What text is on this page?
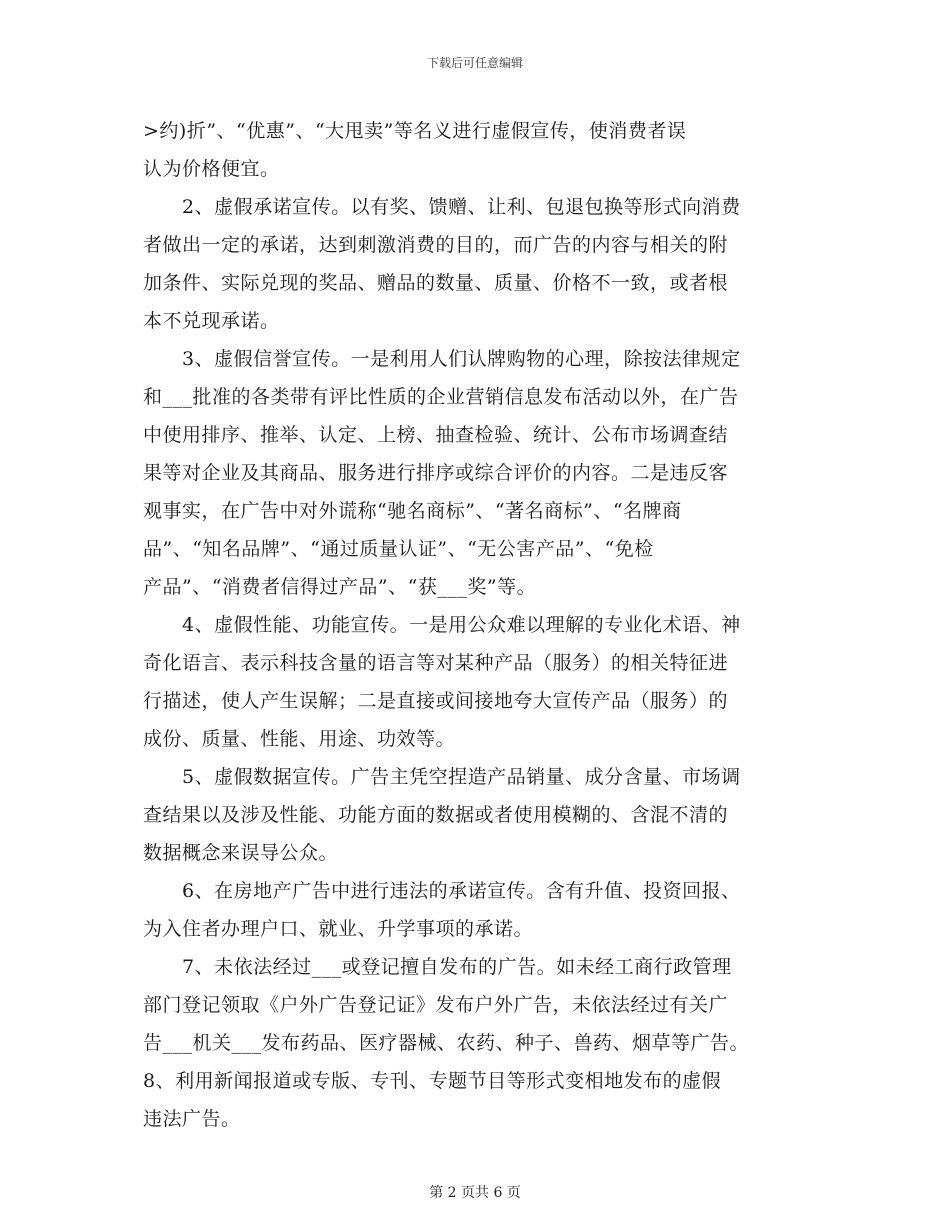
下载后可任意编辑
>约)折”、“优惠”、“大甩卖”等名义进行虚假宣传，使消费者误
认为价格便宜。
　　2、虚假承诺宣传。以有奖、馈赠、让利、包退包换等形式向消费
者做出一定的承诺，达到刺激消费的目的，而广告的内容与相关的附
加条件、实际兑现的奖品、赠品的数量、质量、价格不一致，或者根
本不兑现承诺。
　　3、虚假信誉宣传。一是利用人们认牌购物的心理，除按法律规定
和___批准的各类带有评比性质的企业营销信息发布活动以外，在广告
中使用排序、推举、认定、上榜、抽查检验、统计、公布市场调查结
果等对企业及其商品、服务进行排序或综合评价的内容。二是违反客
观事实，在广告中对外谎称“驰名商标”、“著名商标”、“名牌商
品”、“知名品牌”、“通过质量认证”、“无公害产品”、“免检
产品”、“消费者信得过产品”、“获___奖”等。
　　4、虚假性能、功能宣传。一是用公众难以理解的专业化术语、神
奇化语言、表示科技含量的语言等对某种产品（服务）的相关特征进
行描述，使人产生误解；二是直接或间接地夸大宣传产品（服务）的
成份、质量、性能、用途、功效等。
　　5、虚假数据宣传。广告主凭空捏造产品销量、成分含量、市场调
查结果以及涉及性能、功能方面的数据或者使用模糊的、含混不清的
数据概念来误导公众。
　　6、在房地产广告中进行违法的承诺宣传。含有升值、投资回报、
为入住者办理户口、就业、升学事项的承诺。
　　7、未依法经过___或登记擅自发布的广告。如未经工商行政管理
部门登记领取《户外广告登记证》发布户外广告，未依法经过有关广
告___机关___发布药品、医疗器械、农药、种子、兽药、烟草等广告。
8、利用新闻报道或专版、专刊、专题节目等形式变相地发布的虚假
违法广告。
第 2 页共 6 页
